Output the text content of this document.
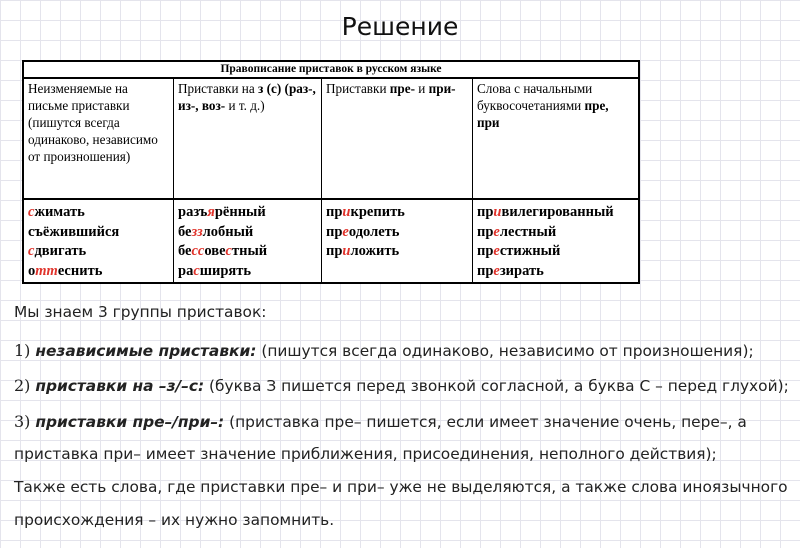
Решение
Правописание приставок в русском языке
Неизменяемые на письме приставки (пишутся всегда одинаково, независимо от произношения)
Приставки на з (с) (раз-, из-, воз- и т. д.)
Приставки пре- и при-	Слова с начальными буквосочетаниями пре, при
сжимать
съёжившийся
сдвигать
оттеснить
разъярённый
беззлобный
бессовестный
расширять
прикрепить
преодолеть
приложить
привилегированный
прелестный
престижный
презирать
Мы знаем 3 группы приставок:
1) независимые приставки: (пишутся всегда одинаково, независимо от произношения);
2) приставки на –з/–с: (буква З пишется перед звонкой согласной, а буква С – перед глухой);
3) приставки пре–/при–: (приставка пре– пишется, если имеет значение очень, пере–, а
приставка при– имеет значение приближения, присоединения, неполного действия);
Также есть слова, где приставки пре– и при– уже не выделяются, а также слова иноязычного
происхождения – их нужно запомнить.
